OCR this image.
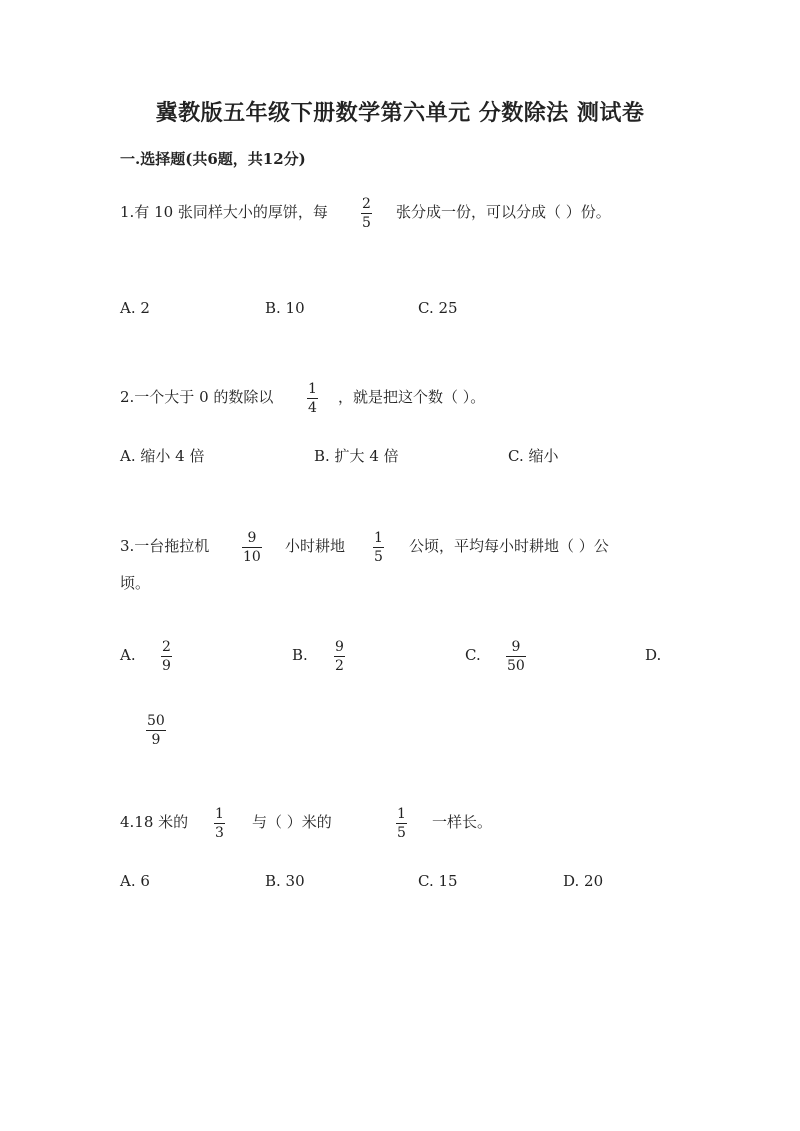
冀教版五年级下册数学第六单元 分数除法 测试卷
一.选择题(共6题，共12分)
1.有 10 张同样大小的厚饼，每 2
5
张分成一份，可以分成（ ）份。
A. 2	B. 10	C. 25
2.一个大于 0 的数除以 1
4
，就是把这个数（ ）。
A. 缩小 4 倍	B. 扩大 4 倍	C. 缩小
3.一台拖拉机	9
10
小时耕地 1
5
公顷，平均每小时耕地（ ）公
顷。
A. 2
9
B. 9
2
C. 9
50
D.
50
9
4.18 米的 1
3
与（ ）米的	1
5
一样长。
A. 6	B. 30	C. 15	D. 20
